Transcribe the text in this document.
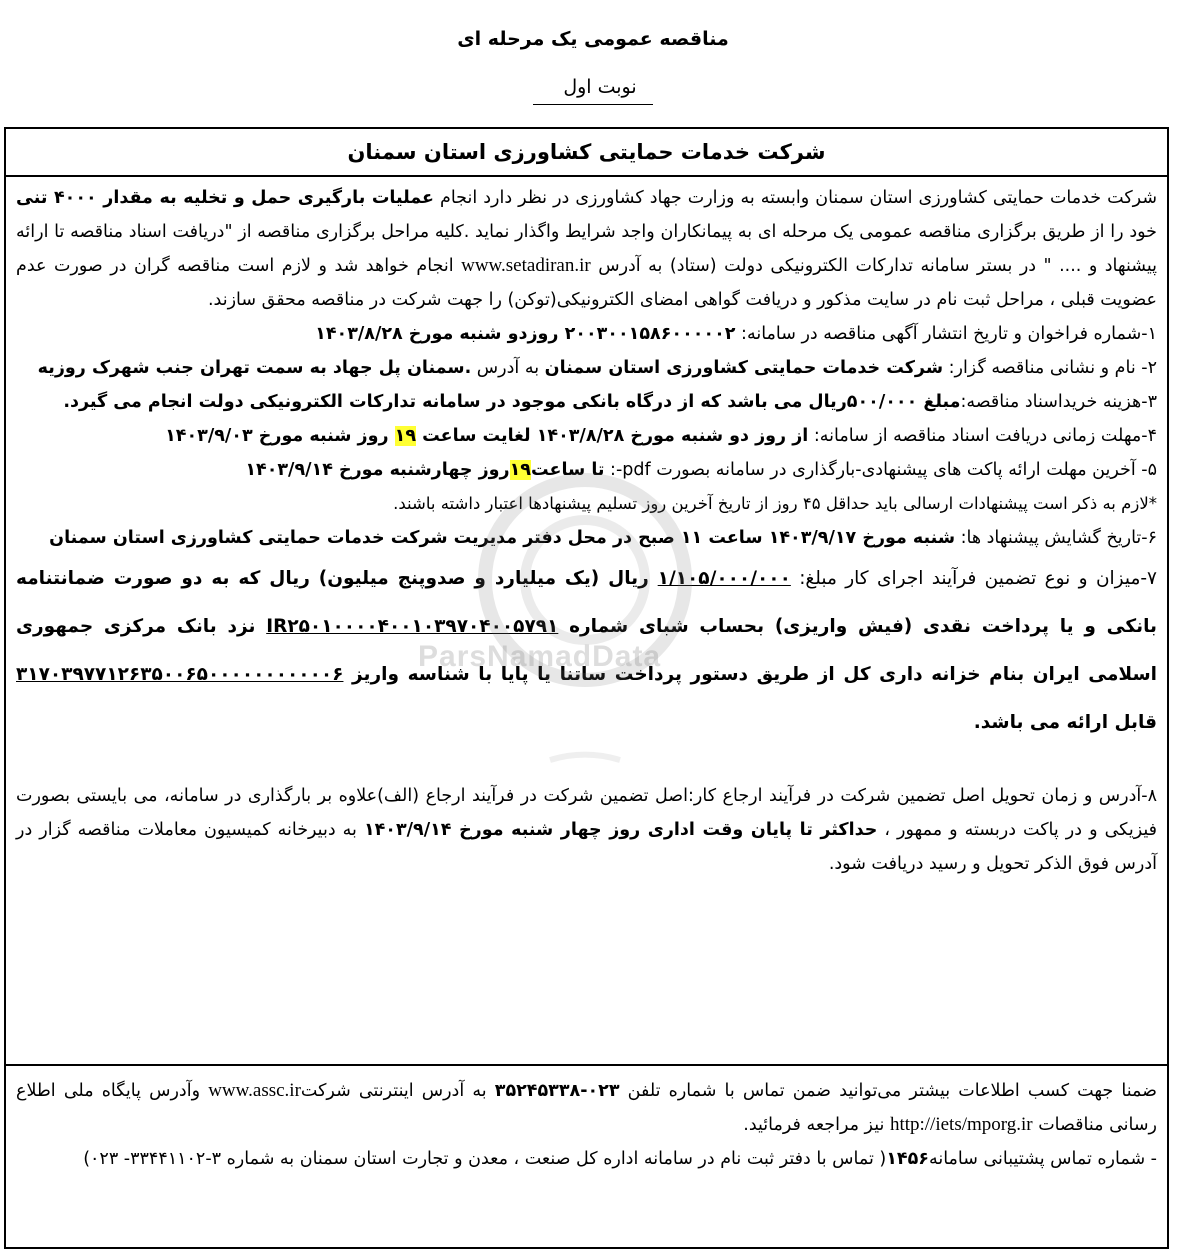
مناقصه عمومی یک مرحله ای
نوبت اول
شرکت خدمات حمایتی کشاورزی استان سمنان

شرکت خدمات حمایتی کشاورزی استان سمنان وابسته به وزارت جهاد کشاورزی در نظر دارد انجام عملیات بارگیری حمل و تخلیه به مقدار ۴۰۰۰ تنی خود را از طریق برگزاری مناقصه عمومی یک مرحله ای به پیمانکاران واجد شرایط واگذار نماید .کلیه مراحل برگزاری مناقصه از "دریافت اسناد مناقصه تا ارائه پیشنهاد و .... " در بستر سامانه تدارکات الکترونیکی دولت (ستاد) به آدرس www.setadiran.ir انجام خواهد شد و لازم است مناقصه گران در صورت عدم عضویت قبلی ، مراحل ثبت نام در سایت مذکور و دریافت گواهی امضای الکترونیکی(توکن) را جهت شرکت در مناقصه محقق سازند.

۱-شماره فراخوان و تاریخ انتشار آگهی مناقصه در سامانه: ۲۰۰۳۰۰۱۵۸۶۰۰۰۰۰۲ روزدو شنبه مورخ ۱۴۰۳/۸/۲۸

۲- نام و نشانی مناقصه گزار: شرکت خدمات حمایتی کشاورزی استان سمنان به آدرس .سمنان پل جهاد به سمت تهران جنب شهرک روزیه

۳-هزینه خریداسناد مناقصه:مبلغ ۵۰۰/۰۰۰ریال می باشد که از درگاه بانکی موجود در سامانه تدارکات الکترونیکی دولت انجام می گیرد.

۴-مهلت زمانی دریافت اسناد مناقصه از سامانه: از روز دو شنبه مورخ ۱۴۰۳/۸/۲۸ لغایت ساعت ۱۹ روز شنبه مورخ ۱۴۰۳/۹/۰۳

۵- آخرین مهلت ارائه پاکت های پیشنهادی-بارگذاری در سامانه بصورت pdf-: تا ساعت۱۹روز چهارشنبه مورخ ۱۴۰۳/۹/۱۴

*لازم به ذکر است پیشنهادات ارسالی باید حداقل ۴۵ روز از تاریخ آخرین روز تسلیم پیشنهادها اعتبار داشته باشند.

۶-تاریخ گشایش پیشنهاد ها: شنبه مورخ ۱۴۰۳/۹/۱۷ ساعت ۱۱ صبح در محل دفتر مدیریت شرکت خدمات حمایتی کشاورزی استان سمنان

۷-میزان و نوع تضمین فرآیند اجرای کار مبلغ: ۱/۱۰۵/۰۰۰/۰۰۰ ریال (یک میلیارد و صدوپنج میلیون) ریال که به دو صورت ضمانتنامه بانکی و یا پرداخت نقدی (فیش واریزی) بحساب شبای شماره IR۲۵۰۱۰۰۰۰۴۰۰۱۰۳۹۷۰۴۰۰۵۷۹۱ نزد بانک مرکزی جمهوری اسلامی ایران بنام خزانه داری کل از طریق دستور پرداخت ساتنا یا پایا با شناسه واریز ۳۱۷۰۳۹۷۷۱۲۶۳۵۰۰۶۵۰۰۰۰۰۰۰۰۰۰۰۶ قابل ارائه می باشد.

۸-آدرس و زمان تحویل اصل تضمین شرکت در فرآیند ارجاع کار:اصل تضمین شرکت در فرآیند ارجاع (الف)علاوه بر بارگذاری در سامانه، می بایستی بصورت فیزیکی و در پاکت دربسته و ممهور ، حداکثر تا پایان وقت اداری روز چهار شنبه مورخ ۱۴۰۳/۹/۱۴ به دبیرخانه کمیسیون معاملات مناقصه گزار در آدرس فوق الذکر تحویل و رسید دریافت شود.

ضمنا جهت کسب اطلاعات بیشتر می‌توانید ضمن تماس با شماره تلفن ۰۲۳-۳۵۲۴۵۳۳۸ به آدرس اینترنتی شرکتwww.assc.ir وآدرس پایگاه ملی اطلاع رسانی مناقصات http://iets/mporg.ir نیز مراجعه فرمائید.

- شماره تماس پشتیبانی سامانه۱۴۵۶( تماس با دفتر ثبت نام در سامانه اداره کل صنعت ، معدن و تجارت استان سمنان به شماره ۳-۳۳۴۴۱۱۰۲- ۰۲۳)

ParsNamadData
